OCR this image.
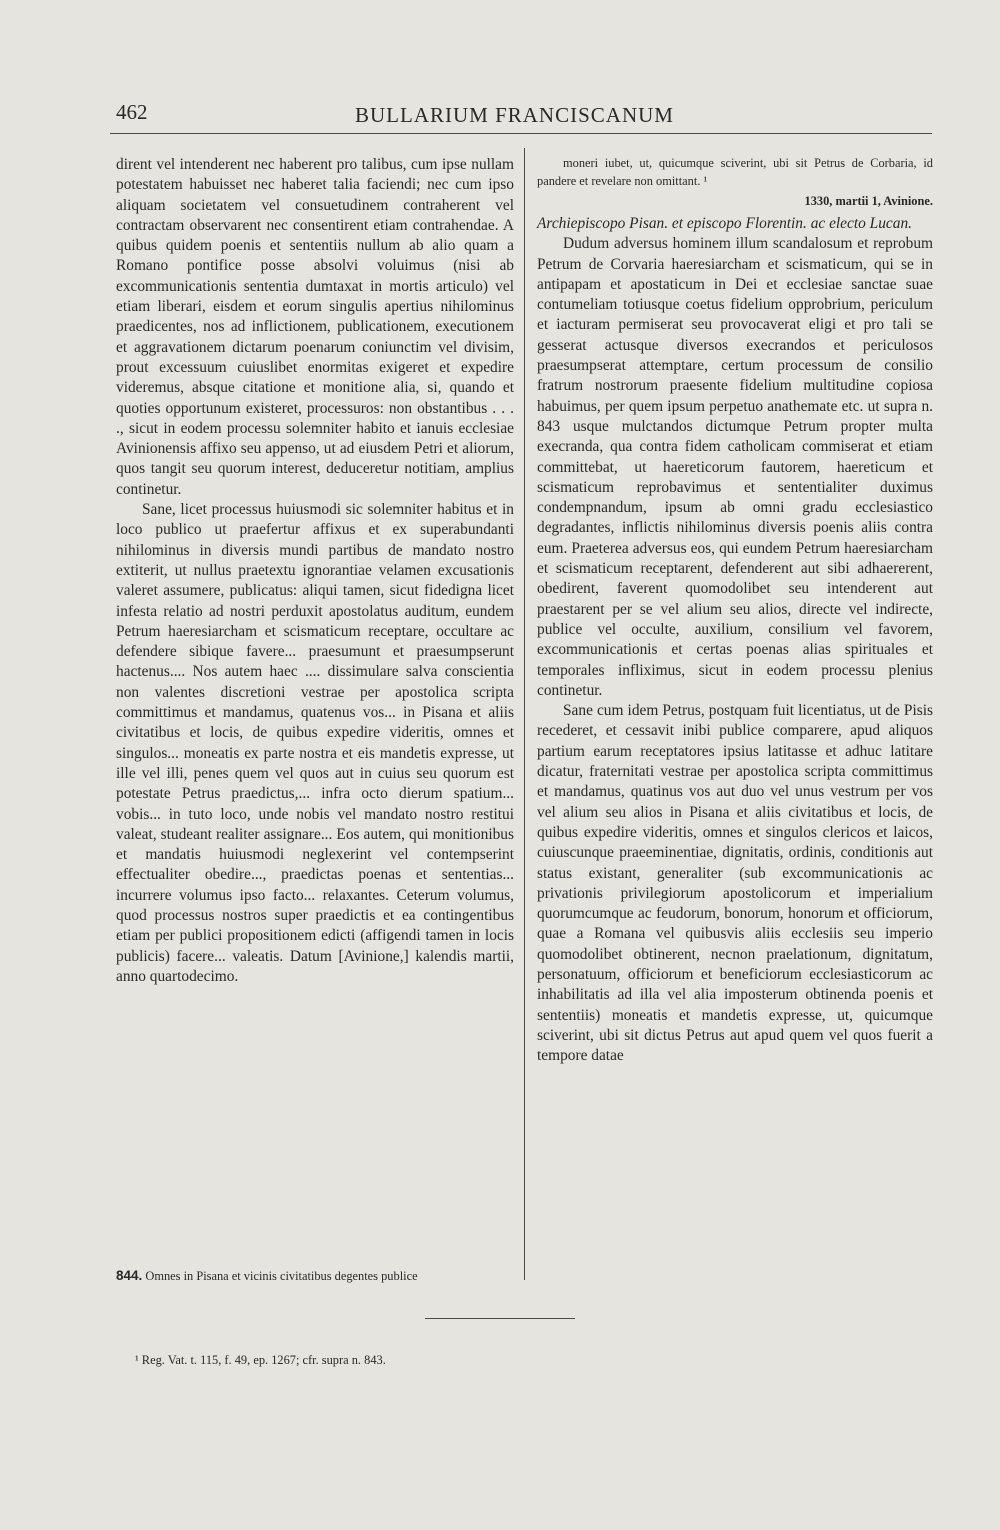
462	BULLARIUM FRANCISCANUM

dirent vel intenderent nec haberent pro talibus, cum ipse nullam potestatem habuisset nec haberet talia faciendi; nec cum ipso aliquam societatem vel consuetudinem contraherent vel contractam observarent nec consentirent etiam contrahendae. A quibus quidem poenis et sententiis nullum ab alio quam a Romano pontifice posse absolvi voluimus (nisi ab excommunicationis sententia dumtaxat in mortis articulo) vel etiam liberari, eisdem et eorum singulis apertius nihilominus praedicentes, nos ad inflictionem, publicationem, executionem et aggravationem dictarum poenarum coniunctim vel divisim, prout excessuum cuiuslibet enormitas exigeret et expedire videremus, absque citatione et monitione alia, si, quando et quoties opportunum existeret, processuros: non obstantibus . . . ., sicut in eodem processu solemniter habito et ianuis ecclesiae Avinionensis affixo seu appenso, ut ad eiusdem Petri et aliorum, quos tangit seu quorum interest, deduceretur notitiam, amplius continetur.

Sane, licet processus huiusmodi sic solemniter habitus et in loco publico ut praefertur affixus et ex superabundanti nihilominus in diversis mundi partibus de mandato nostro extiterit, ut nullus praetextu ignorantiae velamen excusationis valeret assumere, publicatus: aliqui tamen, sicut fidedigna licet infesta relatio ad nostri perduxit apostolatus auditum, eundem Petrum haeresiarcham et scismaticum receptare, occultare ac defendere sibique favere... praesumunt et praesumpserunt hactenus.... Nos autem haec .... dissimulare salva conscientia non valentes discretioni vestrae per apostolica scripta committimus et mandamus, quatenus vos... in Pisana et aliis civitatibus et locis, de quibus expedire videritis, omnes et singulos... moneatis ex parte nostra et eis mandetis expresse, ut ille vel illi, penes quem vel quos aut in cuius seu quorum est potestate Petrus praedictus,... infra octo dierum spatium... vobis... in tuto loco, unde nobis vel mandato nostro restitui valeat, studeant realiter assignare... Eos autem, qui monitionibus et mandatis huiusmodi neglexerint vel contempserint effectualiter obedire..., praedictas poenas et sententias... incurrere volumus ipso facto... relaxantes. Ceterum volumus, quod processus nostros super praedictis et ea contingentibus etiam per publici propositionem edicti (affigendi tamen in locis publicis) facere... valeatis. Datum [Avinione,] kalendis martii, anno quartodecimo.

844. Omnes in Pisana et vicinis civitatibus degentes publice

moneri iubet, ut, quicumque sciverint, ubi sit Petrus de Corbaria, id pandere et revelare non omittant. ¹

1330, martii 1, Avinione.

Archiepiscopo Pisan. et episcopo Florentin. ac electo Lucan.

Dudum adversus hominem illum scandalosum et reprobum Petrum de Corvaria haeresiarcham et scismaticum, qui se in antipapam et apostaticum in Dei et ecclesiae sanctae suae contumeliam totiusque coetus fidelium opprobrium, periculum et iacturam permiserat seu provocaverat eligi et pro tali se gesserat actusque diversos execrandos et periculosos praesumpserat attemptare, certum processum de consilio fratrum nostrorum praesente fidelium multitudine copiosa habuimus, per quem ipsum perpetuo anathemate etc. ut supra n. 843 usque mulctandos dictumque Petrum propter multa execranda, qua contra fidem catholicam commiserat et etiam committebat, ut haereticorum fautorem, haereticum et scismaticum reprobavimus et sententialiter duximus condempnandum, ipsum ab omni gradu ecclesiastico degradantes, inflictis nihilominus diversis poenis aliis contra eum. Praeterea adversus eos, qui eundem Petrum haeresiarcham et scismaticum receptarent, defenderent aut sibi adhaererent, obedirent, faverent quomodolibet seu intenderent aut praestarent per se vel alium seu alios, directe vel indirecte, publice vel occulte, auxilium, consilium vel favorem, excommunicationis et certas poenas alias spirituales et temporales infliximus, sicut in eodem processu plenius continetur.

Sane cum idem Petrus, postquam fuit licentiatus, ut de Pisis recederet, et cessavit inibi publice comparere, apud aliquos partium earum receptatores ipsius latitasse et adhuc latitare dicatur, fraternitati vestrae per apostolica scripta committimus et mandamus, quatinus vos aut duo vel unus vestrum per vos vel alium seu alios in Pisana et aliis civitatibus et locis, de quibus expedire videritis, omnes et singulos clericos et laicos, cuiuscunque praeeminentiae, dignitatis, ordinis, conditionis aut status existant, generaliter (sub excommunicationis ac privationis privilegiorum apostolicorum et imperialium quorumcumque ac feudorum, bonorum, honorum et officiorum, quae a Romana vel quibusvis aliis ecclesiis seu imperio quomodolibet obtinerent, necnon praelationum, dignitatum, personatuum, officiorum et beneficiorum ecclesiasticorum ac inhabilitatis ad illa vel alia imposterum obtinenda poenis et sententiis) moneatis et mandetis expresse, ut, quicumque sciverint, ubi sit dictus Petrus aut apud quem vel quos fuerit a tempore datae

¹ Reg. Vat. t. 115, f. 49, ep. 1267; cfr. supra n. 843.
